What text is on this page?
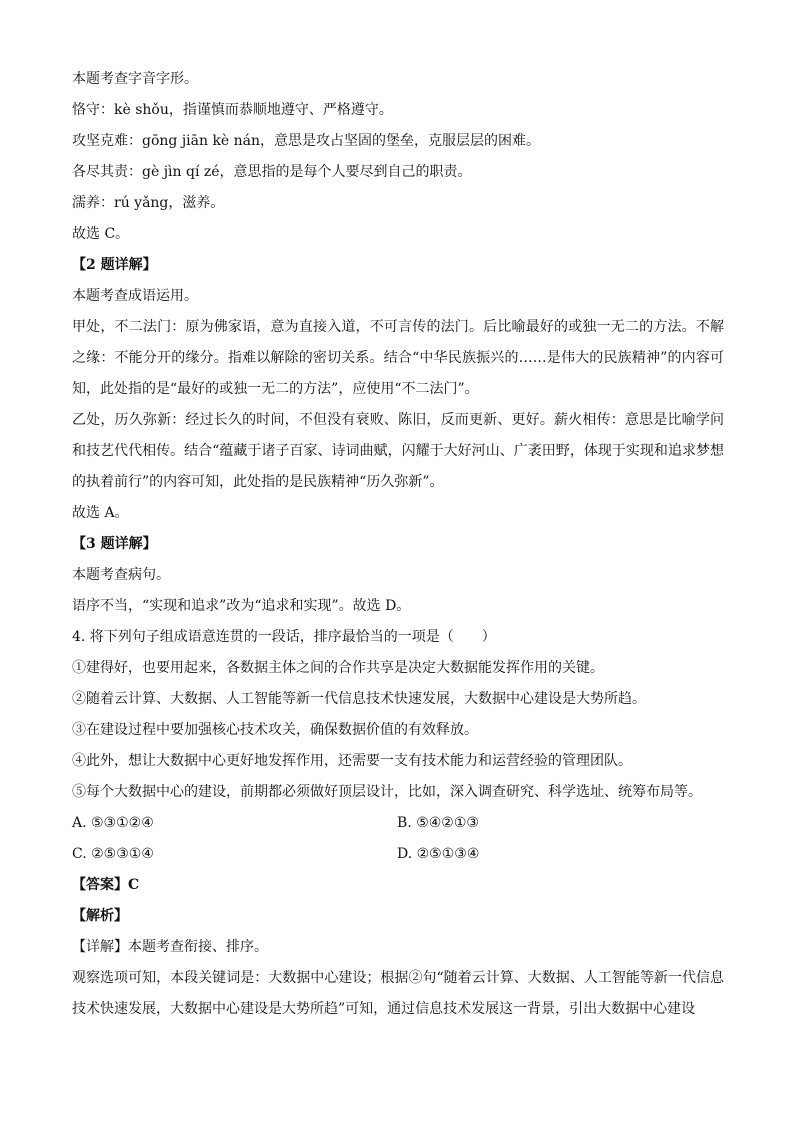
本题考查字音字形。

恪守：kè shǒu，指谨慎而恭顺地遵守、严格遵守。

攻坚克难：gōng jiān kè nán，意思是攻占坚固的堡垒，克服层层的困难。

各尽其责：gè jìn qí zé，意思指的是每个人要尽到自己的职责。

濡养：rú yǎng，滋养。

故选 C。

【2 题详解】

本题考查成语运用。

甲处，不二法门：原为佛家语，意为直接入道，不可言传的法门。后比喻最好的或独一无二的方法。不解之缘：不能分开的缘分。指难以解除的密切关系。结合“中华民族振兴的……是伟大的民族精神”的内容可知，此处指的是“最好的或独一无二的方法”，应使用“不二法门”。

乙处，历久弥新：经过长久的时间，不但没有衰败、陈旧，反而更新、更好。薪火相传：意思是比喻学问和技艺代代相传。结合“蕴藏于诸子百家、诗词曲赋，闪耀于大好河山、广袤田野，体现于实现和追求梦想的执着前行”的内容可知，此处指的是民族精神“历久弥新”。

故选 A。

【3 题详解】

本题考查病句。

语序不当，“实现和追求”改为“追求和实现”。故选 D。

4. 将下列句子组成语意连贯的一段话，排序最恰当的一项是（　　）

①建得好，也要用起来，各数据主体之间的合作共享是决定大数据能发挥作用的关键。

②随着云计算、大数据、人工智能等新一代信息技术快速发展，大数据中心建设是大势所趋。

③在建设过程中要加强核心技术攻关，确保数据价值的有效释放。

④此外，想让大数据中心更好地发挥作用，还需要一支有技术能力和运营经验的管理团队。

⑤每个大数据中心的建设，前期都必须做好顶层设计，比如，深入调查研究、科学选址、统筹布局等。

A. ⑤③①②④	B. ⑤④②①③
C. ②⑤③①④	D. ②⑤①③④

【答案】C

【解析】

【详解】本题考查衔接、排序。

观察选项可知，本段关键词是：大数据中心建设；根据②句“随着云计算、大数据、人工智能等新一代信息技术快速发展，大数据中心建设是大势所趋”可知，通过信息技术发展这一背景，引出大数据中心建设
